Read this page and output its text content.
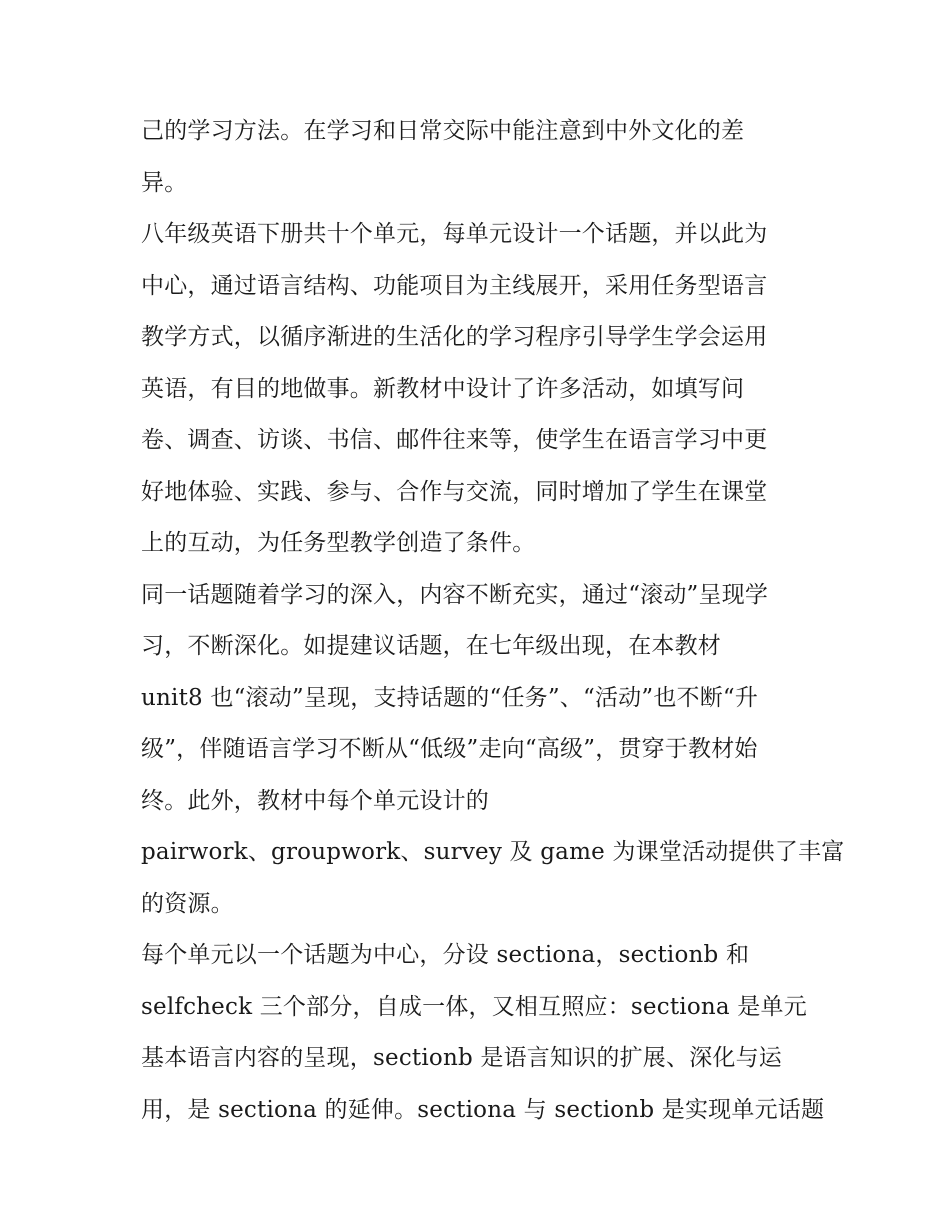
己的学习方法。在学习和日常交际中能注意到中外文化的差
异。
八年级英语下册共十个单元，每单元设计一个话题，并以此为
中心，通过语言结构、功能项目为主线展开，采用任务型语言
教学方式，以循序渐进的生活化的学习程序引导学生学会运用
英语，有目的地做事。新教材中设计了许多活动，如填写问
卷、调查、访谈、书信、邮件往来等，使学生在语言学习中更
好地体验、实践、参与、合作与交流，同时增加了学生在课堂
上的互动，为任务型教学创造了条件。
同一话题随着学习的深入，内容不断充实，通过“滚动”呈现学
习，不断深化。如提建议话题，在七年级出现，在本教材
unit8 也“滚动”呈现，支持话题的“任务”、“活动”也不断“升
级”，伴随语言学习不断从“低级”走向“高级”，贯穿于教材始
终。此外，教材中每个单元设计的
pairwork、groupwork、survey 及 game 为课堂活动提供了丰富
的资源。
每个单元以一个话题为中心，分设 sectiona，sectionb 和
selfcheck 三个部分，自成一体，又相互照应：sectiona 是单元
基本语言内容的呈现，sectionb 是语言知识的扩展、深化与运
用，是 sectiona 的延伸。sectiona 与 sectionb 是实现单元话题
